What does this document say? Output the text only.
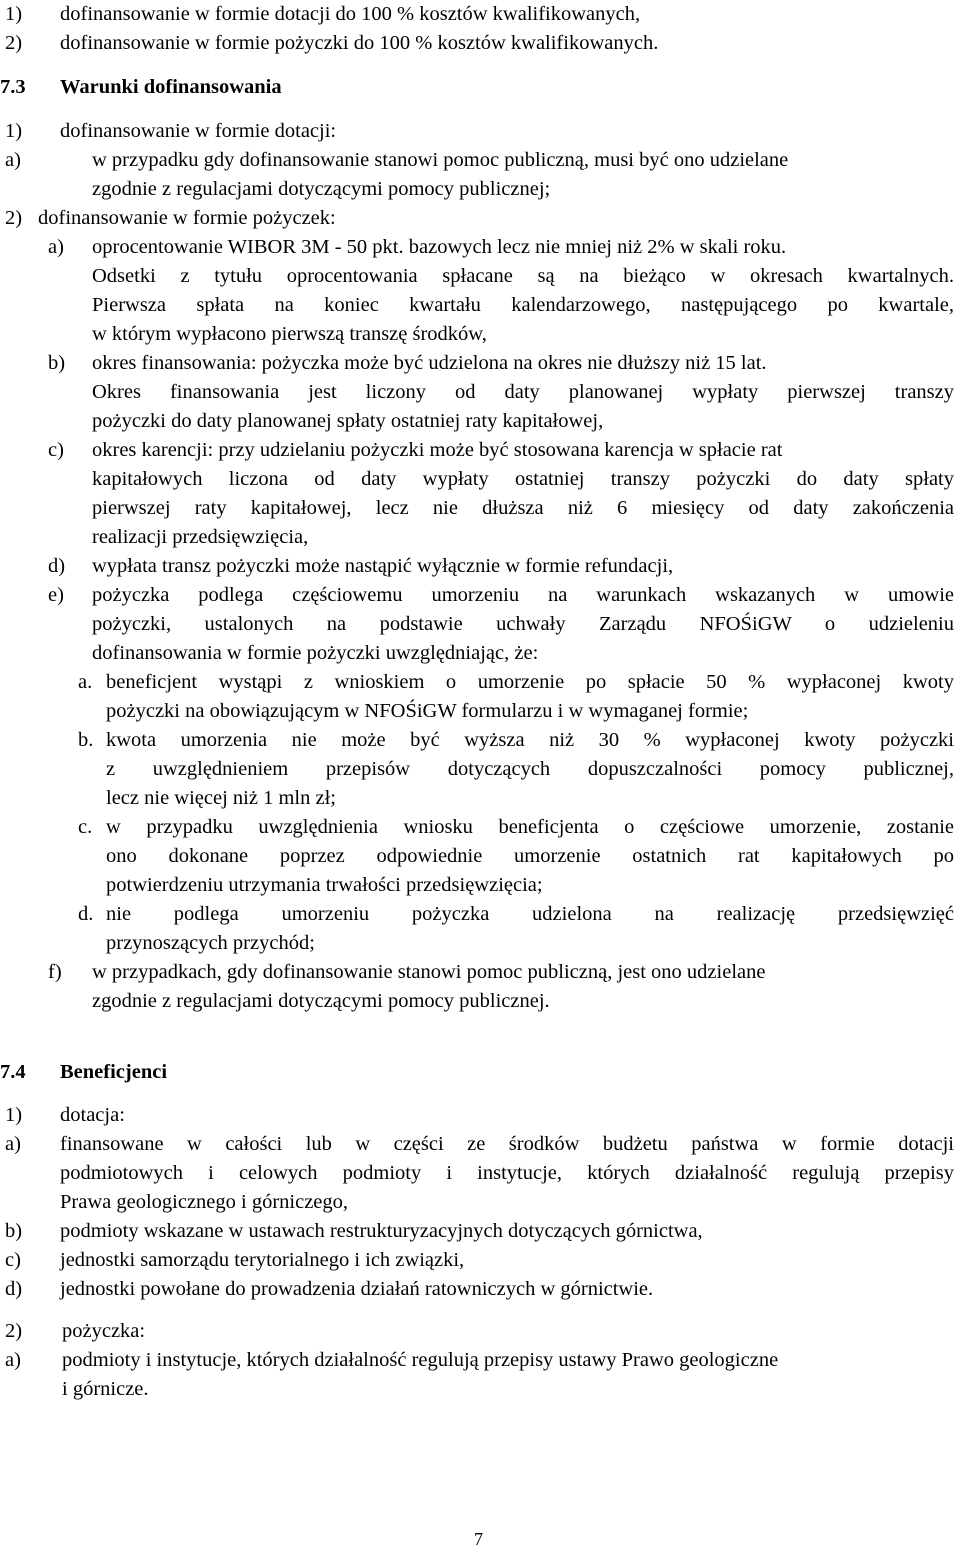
1) dofinansowanie w formie dotacji do 100 % kosztów kwalifikowanych,
2) dofinansowanie w formie pożyczki do 100 % kosztów kwalifikowanych.
7.3 Warunki dofinansowania
1) dofinansowanie w formie dotacji:
a)	w przypadku gdy dofinansowanie stanowi pomoc publiczną, musi być ono udzielane
zgodnie z regulacjami dotyczącymi pomocy publicznej;
2) dofinansowanie w formie pożyczek:
a) oprocentowanie WIBOR 3M - 50 pkt. bazowych lecz nie mniej niż 2% w skali roku.
Odsetki z tytułu oprocentowania spłacane są na bieżąco w okresach kwartalnych.
Pierwsza spłata na koniec kwartału kalendarzowego, następującego po kwartale,
w którym wypłacono pierwszą transzę środków,
b) okres finansowania: pożyczka może być udzielona na okres nie dłuższy niż 15 lat.
Okres finansowania jest liczony od daty planowanej wypłaty pierwszej transzy
pożyczki do daty planowanej spłaty ostatniej raty kapitałowej,
c) okres karencji: przy udzielaniu pożyczki może być stosowana karencja w spłacie rat
kapitałowych liczona od daty wypłaty ostatniej transzy pożyczki do daty spłaty
pierwszej raty kapitałowej, lecz nie dłuższa niż 6 miesięcy od daty zakończenia
realizacji przedsięwzięcia,
d) wypłata transz pożyczki może nastąpić wyłącznie w formie refundacji,
e) pożyczka podlega częściowemu umorzeniu na warunkach wskazanych w umowie
pożyczki, ustalonych na podstawie uchwały Zarządu NFOŚiGW o udzieleniu
dofinansowania w formie pożyczki uwzględniając, że:
a. beneficjent wystąpi z wnioskiem o umorzenie po spłacie 50 % wypłaconej kwoty
pożyczki na obowiązującym w NFOŚiGW formularzu i w wymaganej formie;
b. kwota umorzenia nie może być wyższa niż 30 % wypłaconej kwoty pożyczki
z uwzględnieniem przepisów dotyczących dopuszczalności pomocy publicznej,
lecz nie więcej niż 1 mln zł;
c. w przypadku uwzględnienia wniosku beneficjenta o częściowe umorzenie, zostanie
ono dokonane poprzez odpowiednie umorzenie ostatnich rat kapitałowych po
potwierdzeniu utrzymania trwałości przedsięwzięcia;
d. nie podlega umorzeniu pożyczka udzielona na realizację przedsięwzięć
przynoszących przychód;
f) w przypadkach, gdy dofinansowanie stanowi pomoc publiczną, jest ono udzielane
zgodnie z regulacjami dotyczącymi pomocy publicznej.
7.4 Beneficjenci
1) dotacja:
a) finansowane w całości lub w części ze środków budżetu państwa w formie dotacji
podmiotowych i celowych podmioty i instytucje, których działalność regulują przepisy
Prawa geologicznego i górniczego,
b) podmioty wskazane w ustawach restrukturyzacyjnych dotyczących górnictwa,
c) jednostki samorządu terytorialnego i ich związki,
d) jednostki powołane do prowadzenia działań ratowniczych w górnictwie.
2) pożyczka:
a) podmioty i instytucje, których działalność regulują przepisy ustawy Prawo geologiczne
i górnicze.
7
